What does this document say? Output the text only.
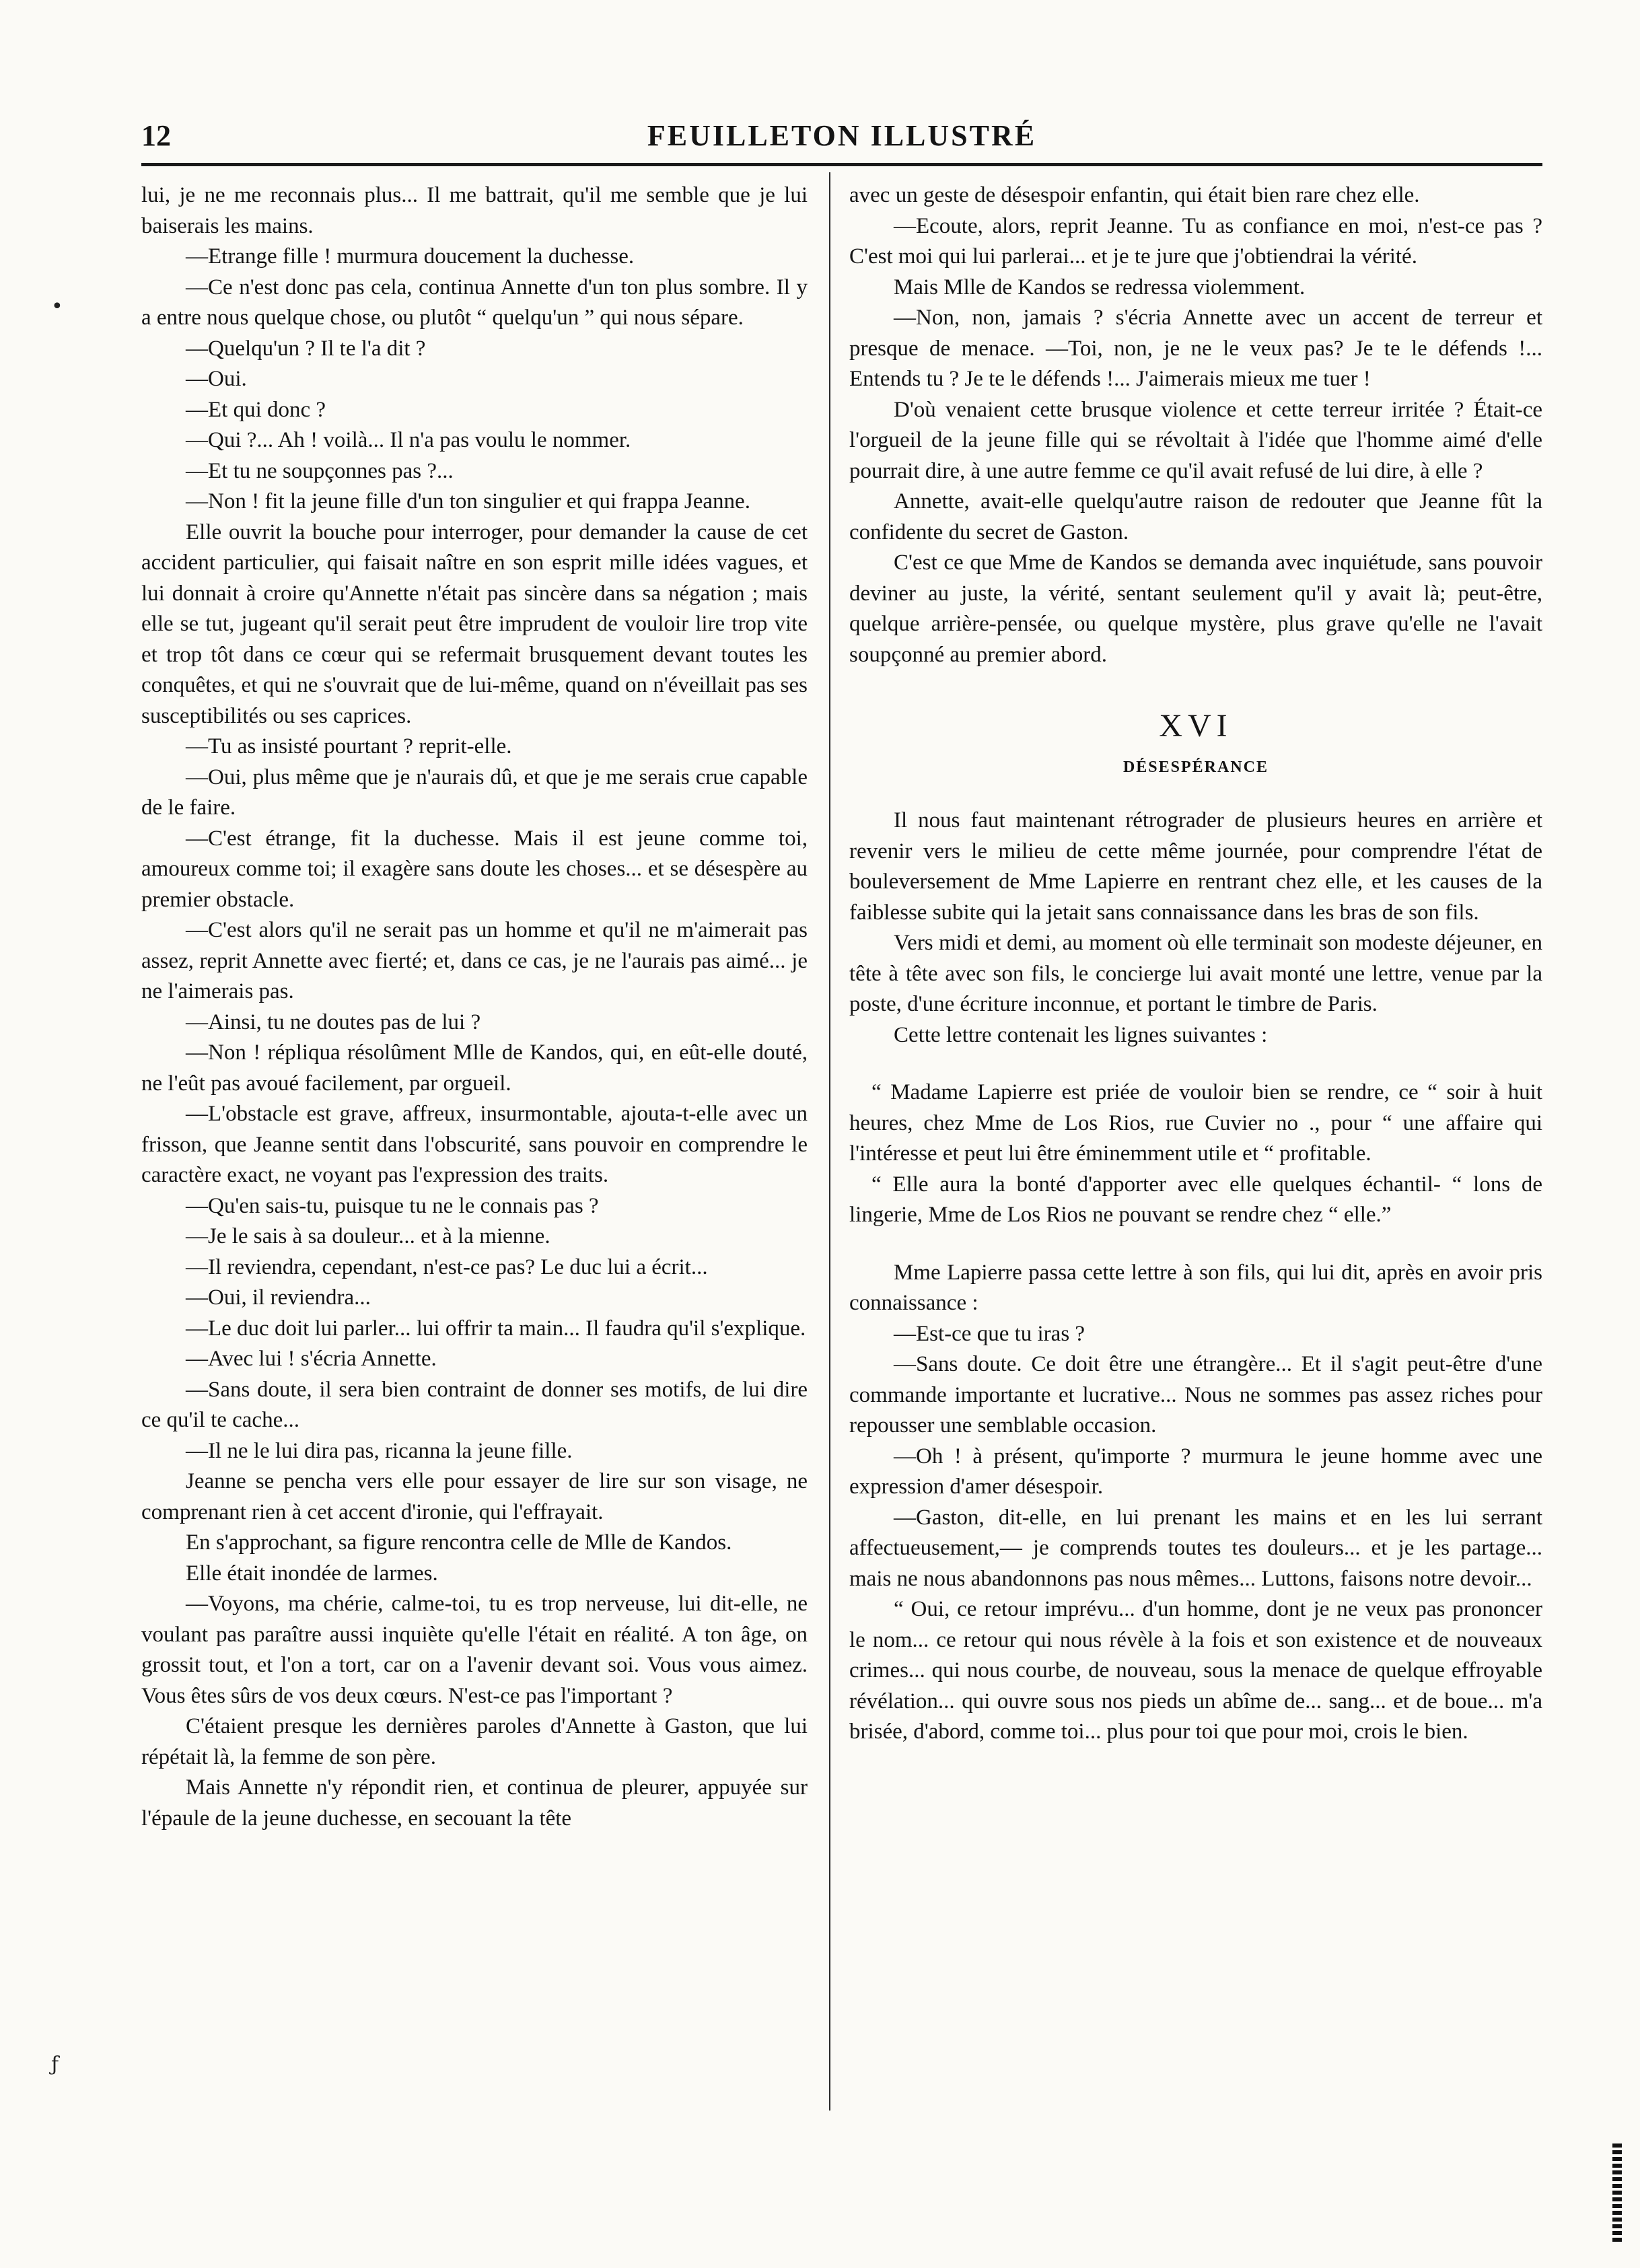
12	FEUILLETON ILLUSTRÉ

lui, je ne me reconnais plus... Il me battrait, qu'il me semble que je lui baiserais les mains.

—Etrange fille ! murmura doucement la duchesse.

—Ce n'est donc pas cela, continua Annette d'un ton plus sombre. Il y a entre nous quelque chose, ou plutôt “ quelqu'un ” qui nous sépare.

—Quelqu'un ? Il te l'a dit ?

—Oui.

—Et qui donc ?

—Qui ?... Ah ! voilà... Il n'a pas voulu le nommer.

—Et tu ne soupçonnes pas ?...

—Non ! fit la jeune fille d'un ton singulier et qui frappa Jeanne.

Elle ouvrit la bouche pour interroger, pour demander la cause de cet accident particulier, qui faisait naître en son esprit mille idées vagues, et lui donnait à croire qu'Annette n'était pas sincère dans sa négation ; mais elle se tut, jugeant qu'il serait peut être imprudent de vouloir lire trop vite et trop tôt dans ce cœur qui se refermait brusquement devant toutes les conquêtes, et qui ne s'ouvrait que de lui-même, quand on n'éveillait pas ses susceptibilités ou ses caprices.

—Tu as insisté pourtant ? reprit-elle.

—Oui, plus même que je n'aurais dû, et que je me serais crue capable de le faire.

—C'est étrange, fit la duchesse. Mais il est jeune comme toi, amoureux comme toi; il exagère sans doute les choses... et se désespère au premier obstacle.

—C'est alors qu'il ne serait pas un homme et qu'il ne m'aimerait pas assez, reprit Annette avec fierté; et, dans ce cas, je ne l'aurais pas aimé... je ne l'aimerais pas.

—Ainsi, tu ne doutes pas de lui ?

—Non ! répliqua résolûment Mlle de Kandos, qui, en eût-elle douté, ne l'eût pas avoué facilement, par orgueil.

—L'obstacle est grave, affreux, insurmontable, ajouta-t-elle avec un frisson, que Jeanne sentit dans l'obscurité, sans pouvoir en comprendre le caractère exact, ne voyant pas l'expression des traits.

—Qu'en sais-tu, puisque tu ne le connais pas ?

—Je le sais à sa douleur... et à la mienne.

—Il reviendra, cependant, n'est-ce pas? Le duc lui a écrit...

—Oui, il reviendra...

—Le duc doit lui parler... lui offrir ta main... Il faudra qu'il s'explique.

—Avec lui ! s'écria Annette.

—Sans doute, il sera bien contraint de donner ses motifs, de lui dire ce qu'il te cache...

—Il ne le lui dira pas, ricanna la jeune fille.

Jeanne se pencha vers elle pour essayer de lire sur son visage, ne comprenant rien à cet accent d'ironie, qui l'effrayait.

En s'approchant, sa figure rencontra celle de Mlle de Kandos.

Elle était inondée de larmes.

—Voyons, ma chérie, calme-toi, tu es trop nerveuse, lui dit-elle, ne voulant pas paraître aussi inquiète qu'elle l'était en réalité. A ton âge, on grossit tout, et l'on a tort, car on a l'avenir devant soi. Vous vous aimez. Vous êtes sûrs de vos deux cœurs. N'est-ce pas l'important ?

C'étaient presque les dernières paroles d'Annette à Gaston, que lui répétait là, la femme de son père.

Mais Annette n'y répondit rien, et continua de pleurer, appuyée sur l'épaule de la jeune duchesse, en secouant la tête

avec un geste de désespoir enfantin, qui était bien rare chez elle.

—Ecoute, alors, reprit Jeanne. Tu as confiance en moi, n'est-ce pas ? C'est moi qui lui parlerai... et je te jure que j'obtiendrai la vérité.

Mais Mlle de Kandos se redressa violemment.

—Non, non, jamais ? s'écria Annette avec un accent de terreur et presque de menace. —Toi, non, je ne le veux pas? Je te le défends !... Entends tu ? Je te le défends !... J'aimerais mieux me tuer !

D'où venaient cette brusque violence et cette terreur irritée ? Était-ce l'orgueil de la jeune fille qui se révoltait à l'idée que l'homme aimé d'elle pourrait dire, à une autre femme ce qu'il avait refusé de lui dire, à elle ?

Annette, avait-elle quelqu'autre raison de redouter que Jeanne fût la confidente du secret de Gaston.

C'est ce que Mme de Kandos se demanda avec inquiétude, sans pouvoir deviner au juste, la vérité, sentant seulement qu'il y avait là; peut-être, quelque arrière-pensée, ou quelque mystère, plus grave qu'elle ne l'avait soupçonné au premier abord.

XVI
DÉSESPÉRANCE

Il nous faut maintenant rétrograder de plusieurs heures en arrière et revenir vers le milieu de cette même journée, pour comprendre l'état de bouleversement de Mme Lapierre en rentrant chez elle, et les causes de la faiblesse subite qui la jetait sans connaissance dans les bras de son fils.

Vers midi et demi, au moment où elle terminait son modeste déjeuner, en tête à tête avec son fils, le concierge lui avait monté une lettre, venue par la poste, d'une écriture inconnue, et portant le timbre de Paris.

Cette lettre contenait les lignes suivantes :

“ Madame Lapierre est priée de vouloir bien se rendre, ce “ soir à huit heures, chez Mme de Los Rios, rue Cuvier no ., pour “ une affaire qui l'intéresse et peut lui être éminemment utile et “ profitable.

“ Elle aura la bonté d'apporter avec elle quelques échantil- “ lons de lingerie, Mme de Los Rios ne pouvant se rendre chez “ elle.”

Mme Lapierre passa cette lettre à son fils, qui lui dit, après en avoir pris connaissance :

—Est-ce que tu iras ?

—Sans doute. Ce doit être une étrangère... Et il s'agit peut-être d'une commande importante et lucrative... Nous ne sommes pas assez riches pour repousser une semblable occasion.

—Oh ! à présent, qu'importe ? murmura le jeune homme avec une expression d'amer désespoir.

—Gaston, dit-elle, en lui prenant les mains et en les lui serrant affectueusement,— je comprends toutes tes douleurs... et je les partage... mais ne nous abandonnons pas nous mêmes... Luttons, faisons notre devoir...

“ Oui, ce retour imprévu... d'un homme, dont je ne veux pas prononcer le nom... ce retour qui nous révèle à la fois et son existence et de nouveaux crimes... qui nous courbe, de nouveau, sous la menace de quelque effroyable révélation... qui ouvre sous nos pieds un abîme de... sang... et de boue... m'a brisée, d'abord, comme toi... plus pour toi que pour moi, crois le bien.

•
ƒ
